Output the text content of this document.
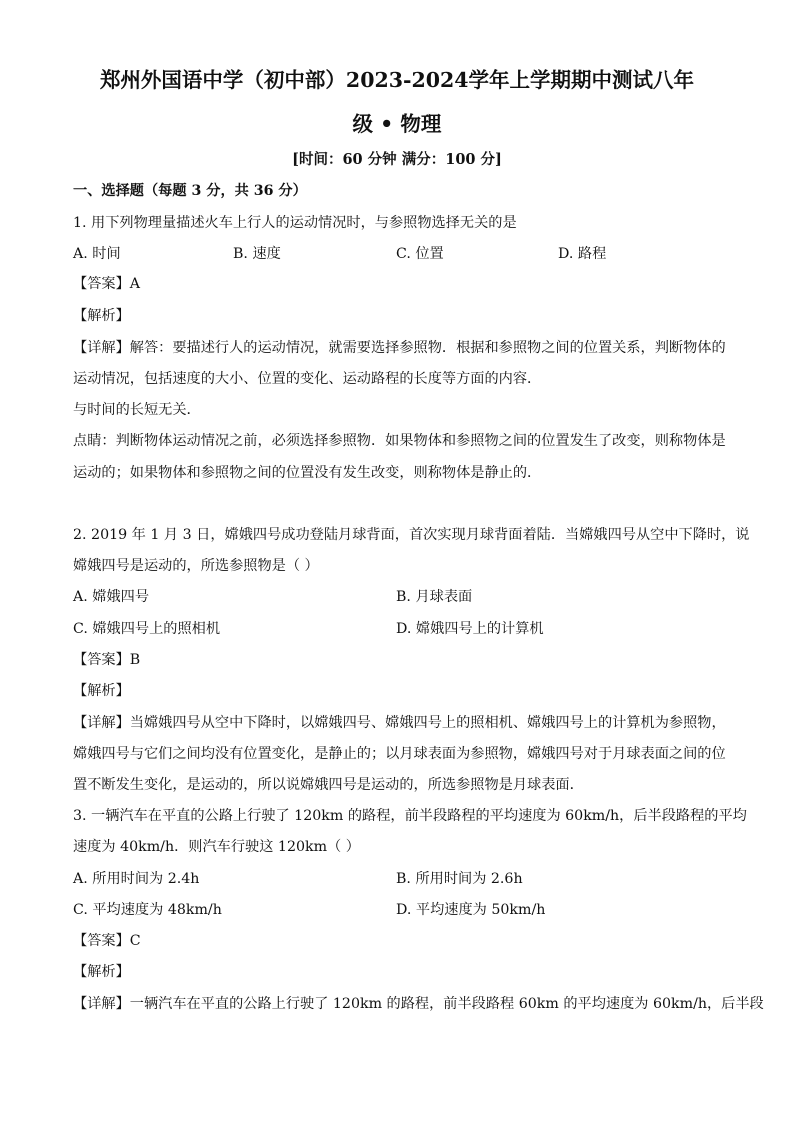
郑州外国语中学（初中部）2023-2024学年上学期期中测试八年
级 • 物理
[时间：60 分钟 满分：100 分]
一、选择题（每题 3 分，共 36 分）
1. 用下列物理量描述火车上行人的运动情况时，与参照物选择无关的是
A. 时间	B. 速度	C. 位置	D. 路程
【答案】A
【解析】
【详解】解答：要描述行人的运动情况，就需要选择参照物．根据和参照物之间的位置关系，判断物体的
运动情况，包括速度的大小、位置的变化、运动路程的长度等方面的内容．
与时间的长短无关．
点睛：判断物体运动情况之前，必须选择参照物．如果物体和参照物之间的位置发生了改变，则称物体是
运动的；如果物体和参照物之间的位置没有发生改变，则称物体是静止的．
2. 2019 年 1 月 3 日，嫦娥四号成功登陆月球背面，首次实现月球背面着陆．当嫦娥四号从空中下降时，说
嫦娥四号是运动的，所选参照物是（ ）
A. 嫦娥四号	B. 月球表面
C. 嫦娥四号上的照相机	D. 嫦娥四号上的计算机
【答案】B
【解析】
【详解】当嫦娥四号从空中下降时，以嫦娥四号、嫦娥四号上的照相机、嫦娥四号上的计算机为参照物，
嫦娥四号与它们之间均没有位置变化，是静止的；以月球表面为参照物，嫦娥四号对于月球表面之间的位
置不断发生变化，是运动的，所以说嫦娥四号是运动的，所选参照物是月球表面．
3. 一辆汽车在平直的公路上行驶了 120km 的路程，前半段路程的平均速度为 60km/h，后半段路程的平均
速度为 40km/h．则汽车行驶这 120km（ ）
A. 所用时间为 2.4h	B. 所用时间为 2.6h
C. 平均速度为 48km/h	D. 平均速度为 50km/h
【答案】C
【解析】
【详解】一辆汽车在平直的公路上行驶了 120km 的路程，前半段路程 60km 的平均速度为 60km/h，后半段
